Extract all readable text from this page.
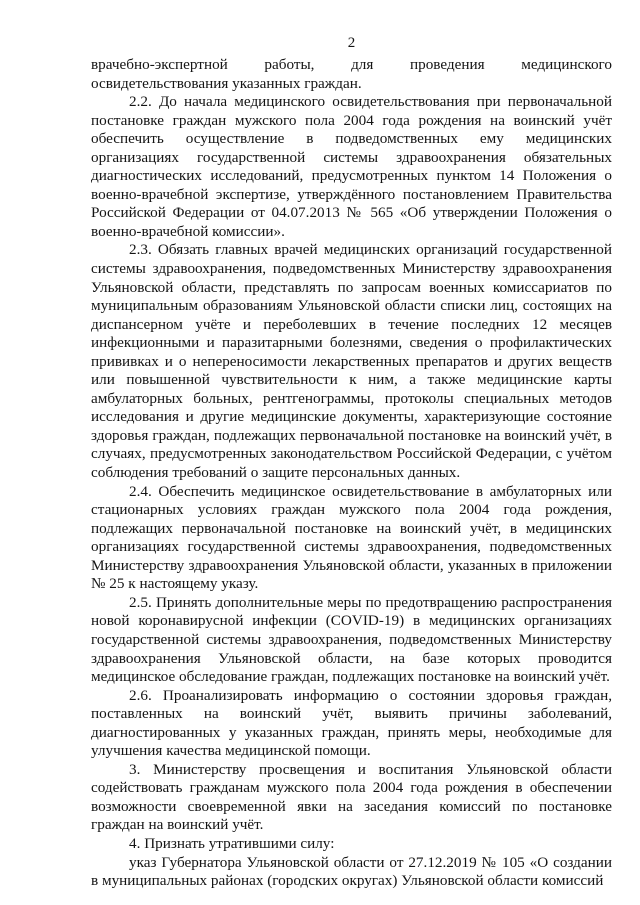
2

врачебно-экспертной работы, для проведения медицинского освидетельствования указанных граждан.

2.2. До начала медицинского освидетельствования при первоначальной постановке граждан мужского пола 2004 года рождения на воинский учёт обеспечить осуществление в подведомственных ему медицинских организациях государственной системы здравоохранения обязательных диагностических исследований, предусмотренных пунктом 14 Положения о военно-врачебной экспертизе, утверждённого постановлением Правительства Российской Федерации от 04.07.2013 № 565 «Об утверждении Положения о военно-врачебной комиссии».

2.3. Обязать главных врачей медицинских организаций государственной системы здравоохранения, подведомственных Министерству здравоохранения Ульяновской области, представлять по запросам военных комиссариатов по муниципальным образованиям Ульяновской области списки лиц, состоящих на диспансерном учёте и переболевших в течение последних 12 месяцев инфекционными и паразитарными болезнями, сведения о профилактических прививках и о непереносимости лекарственных препаратов и других веществ или повышенной чувствительности к ним, а также медицинские карты амбулаторных больных, рентгенограммы, протоколы специальных методов исследования и другие медицинские документы, характеризующие состояние здоровья граждан, подлежащих первоначальной постановке на воинский учёт, в случаях, предусмотренных законодательством Российской Федерации, с учётом соблюдения требований о защите персональных данных.

2.4. Обеспечить медицинское освидетельствование в амбулаторных или стационарных условиях граждан мужского пола 2004 года рождения, подлежащих первоначальной постановке на воинский учёт, в медицинских организациях государственной системы здравоохранения, подведомственных Министерству здравоохранения Ульяновской области, указанных в приложении № 25 к настоящему указу.

2.5. Принять дополнительные меры по предотвращению распространения новой коронавирусной инфекции (COVID-19) в медицинских организациях государственной системы здравоохранения, подведомственных Министерству здравоохранения Ульяновской области, на базе которых проводится медицинское обследование граждан, подлежащих постановке на воинский учёт.

2.6. Проанализировать информацию о состоянии здоровья граждан, поставленных на воинский учёт, выявить причины заболеваний, диагностированных у указанных граждан, принять меры, необходимые для улучшения качества медицинской помощи.

3. Министерству просвещения и воспитания Ульяновской области содействовать гражданам мужского пола 2004 года рождения в обеспечении возможности своевременной явки на заседания комиссий по постановке граждан на воинский учёт.

4. Признать утратившими силу:

указ Губернатора Ульяновской области от 27.12.2019 № 105 «О создании в муниципальных районах (городских округах) Ульяновской области комиссий
